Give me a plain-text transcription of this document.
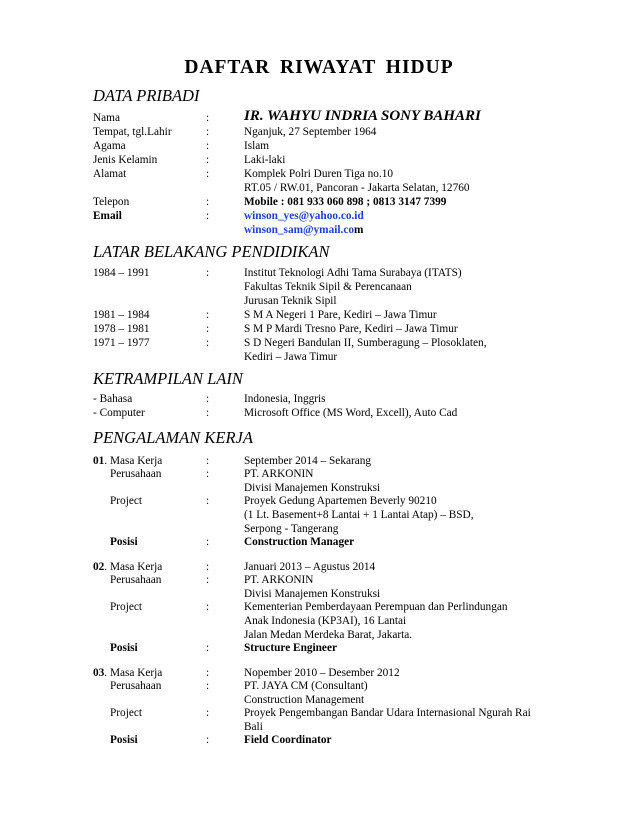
DAFTAR RIWAYAT HIDUP
DATA PRIBADI
Nama	: IR. WAHYU INDRIA SONY BAHARI
Tempat, tgl.Lahir	:	Nganjuk, 27 September 1964
Agama	:	Islam
Jenis Kelamin	:	Laki-laki
Alamat	:	Komplek Polri Duren Tiga no.10
RT.05 / RW.01, Pancoran - Jakarta Selatan, 12760
Telepon	:	Mobile : 081 933 060 898 ; 0813 3147 7399
Email	:	winson_yes@yahoo.co.id
winson_sam@ymail.com
LATAR BELAKANG PENDIDIKAN
1984 – 1991	:	Institut Teknologi Adhi Tama Surabaya (ITATS)
Fakultas Teknik Sipil & Perencanaan
Jurusan Teknik Sipil
1981 – 1984	:	S M A Negeri 1 Pare, Kediri – Jawa Timur
1978 – 1981	:	S M P Mardi Tresno Pare, Kediri – Jawa Timur
1971 – 1977	:	S D Negeri Bandulan II, Sumberagung – Plosoklaten,
Kediri – Jawa Timur
KETRAMPILAN LAIN
- Bahasa	:	Indonesia, Inggris
- Computer	:	Microsoft Office (MS Word, Excell), Auto Cad
PENGALAMAN KERJA
01. Masa Kerja	:	September 2014 – Sekarang
Perusahaan	:	PT. ARKONIN
Divisi Manajemen Konstruksi
Project	:	Proyek Gedung Apartemen Beverly 90210
(1 Lt. Basement+8 Lantai + 1 Lantai Atap) – BSD,
Serpong - Tangerang
Posisi	:	Construction Manager
02. Masa Kerja	:	Januari 2013 – Agustus 2014
Perusahaan	:	PT. ARKONIN
Divisi Manajemen Konstruksi
Project	:	Kementerian Pemberdayaan Perempuan dan Perlindungan
Anak Indonesia (KP3AI), 16 Lantai
Jalan Medan Merdeka Barat, Jakarta.
Posisi	:	Structure Engineer
03. Masa Kerja	:	Nopember 2010 – Desember 2012
Perusahaan	:	PT. JAYA CM (Consultant)
Construction Management
Project	:	Proyek Pengembangan Bandar Udara Internasional Ngurah Rai
Bali
Posisi	:	Field Coordinator
